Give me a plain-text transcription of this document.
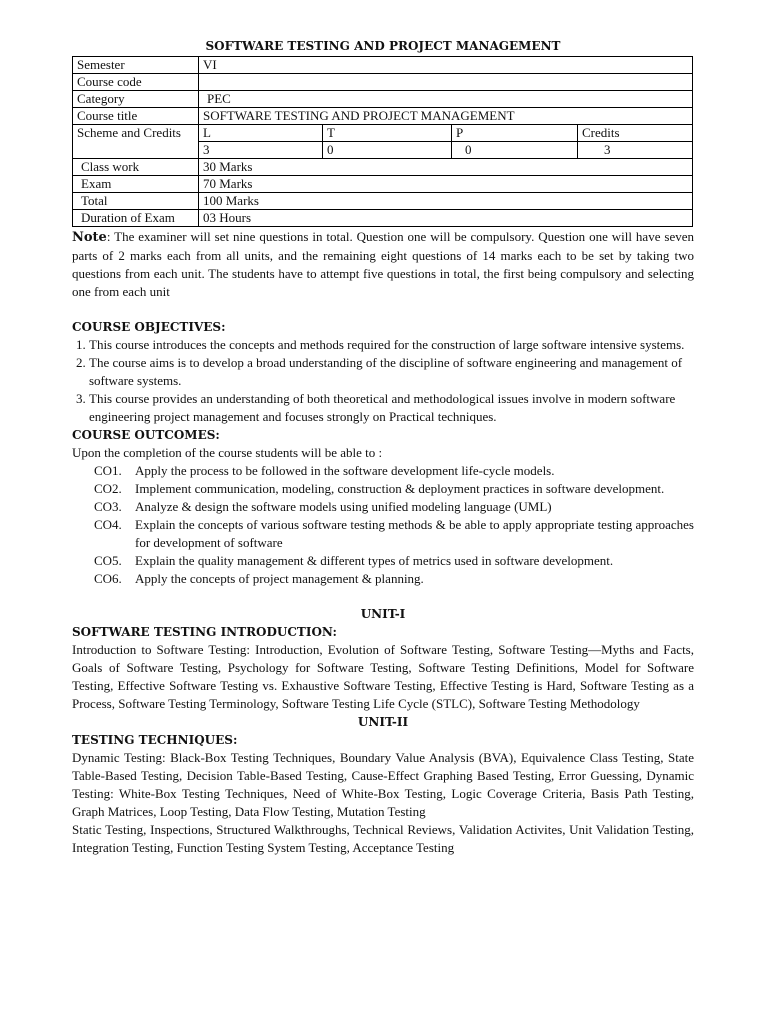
SOFTWARE TESTING AND PROJECT MANAGEMENT
Semester	VI			
Course code				
Category	PEC			
Course title	SOFTWARE TESTING AND PROJECT MANAGEMENT			
Scheme and Credits	L	T	P	Credits
	3	0	0	3
Class work	30 Marks			
Exam	70 Marks			
Total	100 Marks			
Duration of Exam	03 Hours			

Note: The examiner will set nine questions in total. Question one will be compulsory. Question one will have seven parts of 2 marks each from all units, and the remaining eight questions of 14 marks each to be set by taking two questions from each unit. The students have to attempt five questions in total, the first being compulsory and selecting one from each unit

COURSE OBJECTIVES:
1. This course introduces the concepts and methods required for the construction of large software intensive systems.
2. The course aims is to develop a broad understanding of the discipline of software engineering and management of software systems.
3. This course provides an understanding of both theoretical and methodological issues involve in modern software engineering project management and focuses strongly on Practical techniques.
COURSE OUTCOMES:
Upon the completion of the course students will be able to :
CO1.	Apply the process to be followed in the software development life-cycle models.
CO2.	Implement communication, modeling, construction & deployment practices in software development.
CO3.	Analyze & design the software models using unified modeling language (UML)
CO4.	Explain the concepts of various software testing methods & be able to apply appropriate testing approaches for development of software
CO5.	Explain the quality management & different types of metrics used in software development.
CO6.	Apply the concepts of project management & planning.
UNIT-I
SOFTWARE TESTING INTRODUCTION:

Introduction to Software Testing: Introduction, Evolution of Software Testing, Software Testing—Myths and Facts, Goals of Software Testing, Psychology for Software Testing, Software Testing Definitions, Model for Software Testing, Effective Software Testing vs. Exhaustive Software Testing, Effective Testing is Hard, Software Testing as a Process, Software Testing Terminology, Software Testing Life Cycle (STLC), Software Testing Methodology

UNIT-II
TESTING TECHNIQUES:

Dynamic Testing: Black-Box Testing Techniques, Boundary Value Analysis (BVA), Equivalence Class Testing, State Table-Based Testing, Decision Table-Based Testing, Cause-Effect Graphing Based Testing, Error Guessing, Dynamic Testing: White-Box Testing Techniques, Need of White-Box Testing, Logic Coverage Criteria, Basis Path Testing, Graph Matrices, Loop Testing, Data Flow Testing, Mutation Testing

Static Testing, Inspections, Structured Walkthroughs, Technical Reviews, Validation Activites, Unit Validation Testing, Integration Testing, Function Testing System Testing, Acceptance Testing
